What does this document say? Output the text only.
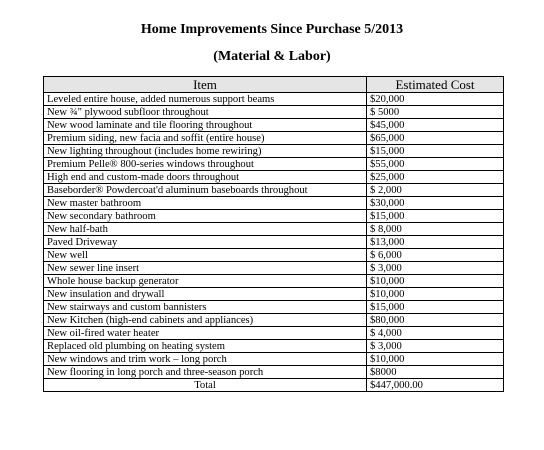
Home Improvements Since Purchase 5/2013
(Material & Labor)
Item	Estimated Cost
Leveled entire house, added numerous support beams	$20,000
New ¾" plywood subfloor throughout	$ 5000
New wood laminate and tile flooring throughout	$45,000
Premium siding, new facia and soffit (entire house)	$65,000
New lighting throughout (includes home rewiring)	$15,000
Premium Pelle® 800-series windows throughout	$55,000
High end and custom-made doors throughout	$25,000
Baseborder® Powdercoat'd aluminum baseboards throughout	$ 2,000
New master bathroom	$30,000
New secondary bathroom	$15,000
New half-bath	$ 8,000
Paved Driveway	$13,000
New well	$ 6,000
New sewer line insert	$ 3,000
Whole house backup generator	$10,000
New insulation and drywall	$10,000
New stairways and custom bannisters	$15,000
New Kitchen (high-end cabinets and appliances)	$80,000
New oil-fired water heater	$ 4,000
Replaced old plumbing on heating system	$ 3,000
New windows and trim work – long porch	$10,000
New flooring in long porch and three-season porch	$8000
Total	$447,000.00
